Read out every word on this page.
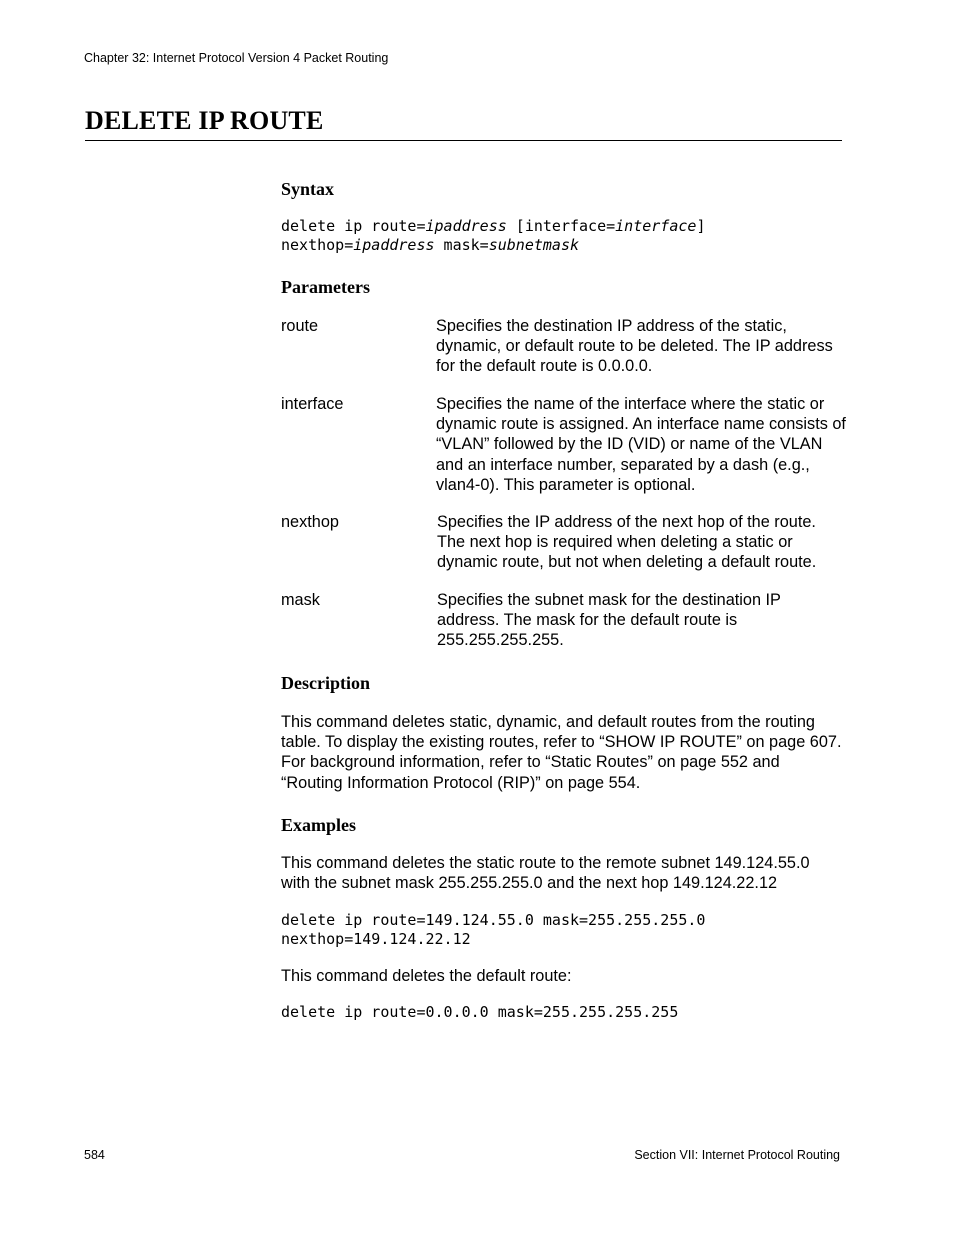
Chapter 32: Internet Protocol Version 4 Packet Routing
DELETE IP ROUTE
Syntax
delete ip route=ipaddress [interface=interface]
nexthop=ipaddress mask=subnetmask
Parameters
route	Specifies the destination IP address of the static, dynamic, or default route to be deleted. The IP address for the default route is 0.0.0.0.
interface	Specifies the name of the interface where the static or dynamic route is assigned. An interface name consists of “VLAN” followed by the ID (VID) or name of the VLAN and an interface number, separated by a dash (e.g., vlan4-0). This parameter is optional.
nexthop	Specifies the IP address of the next hop of the route. The next hop is required when deleting a static or dynamic route, but not when deleting a default route.
mask	Specifies the subnet mask for the destination IP address. The mask for the default route is 255.255.255.255.
Description
This command deletes static, dynamic, and default routes from the routing table. To display the existing routes, refer to “SHOW IP ROUTE” on page 607. For background information, refer to “Static Routes” on page 552 and “Routing Information Protocol (RIP)” on page 554.
Examples
This command deletes the static route to the remote subnet 149.124.55.0 with the subnet mask 255.255.255.0 and the next hop 149.124.22.12
delete ip route=149.124.55.0 mask=255.255.255.0
nexthop=149.124.22.12
This command deletes the default route:
delete ip route=0.0.0.0 mask=255.255.255.255
584	Section VII: Internet Protocol Routing
